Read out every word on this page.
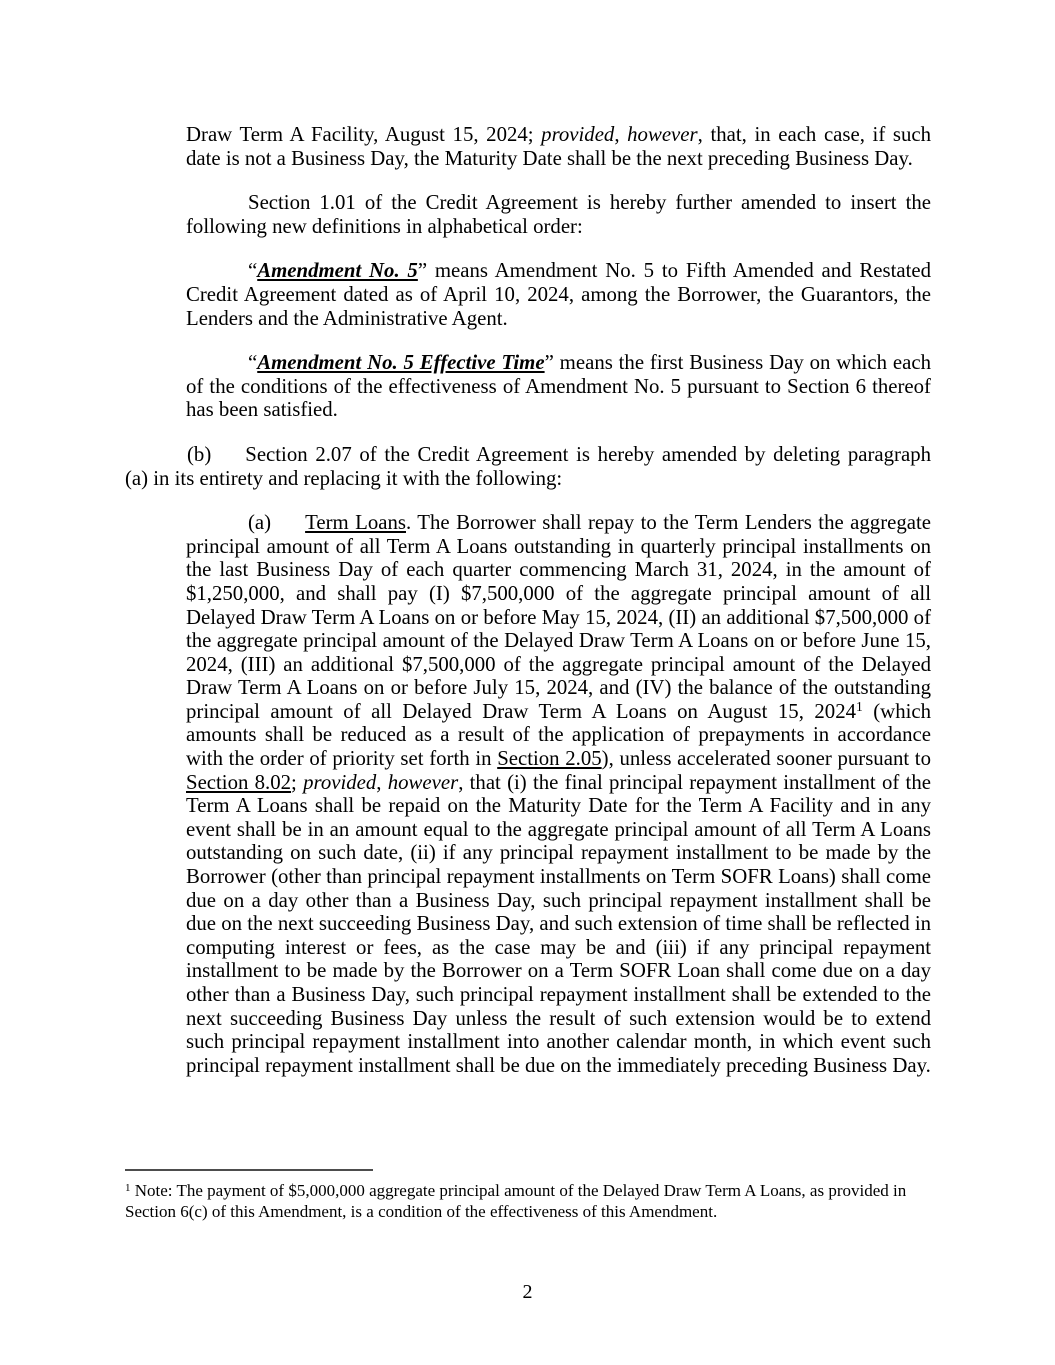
Draw Term A Facility, August 15, 2024; provided, however, that, in each case, if such date is not a Business Day, the Maturity Date shall be the next preceding Business Day.
Section 1.01 of the Credit Agreement is hereby further amended to insert the following new definitions in alphabetical order:
“Amendment No. 5” means Amendment No. 5 to Fifth Amended and Restated Credit Agreement dated as of April 10, 2024, among the Borrower, the Guarantors, the Lenders and the Administrative Agent.
“Amendment No. 5 Effective Time” means the first Business Day on which each of the conditions of the effectiveness of Amendment No. 5 pursuant to Section 6 thereof has been satisfied.
(b) Section 2.07 of the Credit Agreement is hereby amended by deleting paragraph (a) in its entirety and replacing it with the following:
(a) Term Loans. The Borrower shall repay to the Term Lenders the aggregate principal amount of all Term A Loans outstanding in quarterly principal installments on the last Business Day of each quarter commencing March 31, 2024, in the amount of $1,250,000, and shall pay (I) $7,500,000 of the aggregate principal amount of all Delayed Draw Term A Loans on or before May 15, 2024, (II) an additional $7,500,000 of the aggregate principal amount of the Delayed Draw Term A Loans on or before June 15, 2024, (III) an additional $7,500,000 of the aggregate principal amount of the Delayed Draw Term A Loans on or before July 15, 2024, and (IV) the balance of the outstanding principal amount of all Delayed Draw Term A Loans on August 15, 2024$^1$ (which amounts shall be reduced as a result of the application of prepayments in accordance with the order of priority set forth in Section 2.05), unless accelerated sooner pursuant to Section 8.02; provided, however, that (i) the final principal repayment installment of the Term A Loans shall be repaid on the Maturity Date for the Term A Facility and in any event shall be in an amount equal to the aggregate principal amount of all Term A Loans outstanding on such date, (ii) if any principal repayment installment to be made by the Borrower (other than principal repayment installments on Term SOFR Loans) shall come due on a day other than a Business Day, such principal repayment installment shall be due on the next succeeding Business Day, and such extension of time shall be reflected in computing interest or fees, as the case may be and (iii) if any principal repayment installment to be made by the Borrower on a Term SOFR Loan shall come due on a day other than a Business Day, such principal repayment installment shall be extended to the next succeeding Business Day unless the result of such extension would be to extend such principal repayment installment into another calendar month, in which event such principal repayment installment shall be due on the immediately preceding Business Day.
$^1$ Note: The payment of $5,000,000 aggregate principal amount of the Delayed Draw Term A Loans, as provided in Section 6(c) of this Amendment, is a condition of the effectiveness of this Amendment.
2
